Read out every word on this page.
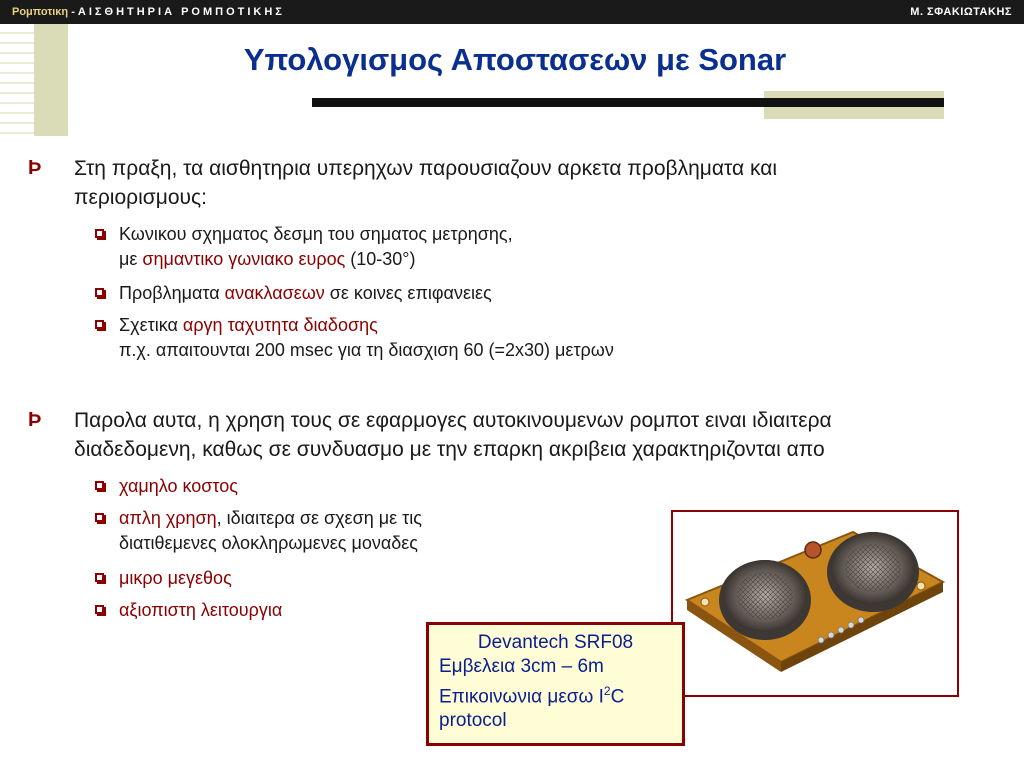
Ρομποτικη - ΑΙΣΘΗΤΗΡΙΑ ΡΟΜΠΟΤΙΚΗΣ	Μ. ΣΦΑΚΙΩΤΑΚΗΣ
Υπολογισμος Αποστασεων με Sonar
Þ Στη πραξη, τα αισθητηρια υπερηχων παρουσιαζουν αρκετα προβληματα και
περιορισμους:
Κωνικου σχηματος δεσμη του σηματος μετρησης,
με σημαντικο γωνιακο ευρος (10-30°)
Προβληματα ανακλασεων σε κοινες επιφανειες
Σχετικα αργη ταχυτητα διαδοσης
π.χ. απαιτουνται 200 msec για τη διασχιση 60 (=2x30) μετρων
Þ Παρολα αυτα, η χρηση τους σε εφαρμογες αυτοκινουμενων ρομποτ ειναι ιδιαιτερα
διαδεδομενη, καθως σε συνδυασμο με την επαρκη ακριβεια χαρακτηριζονται απο
χαμηλο κοστος
απλη χρηση, ιδιαιτερα σε σχεση με τις
διατιθεμενες ολοκληρωμενες μοναδες
μικρο μεγεθος
αξιοπιστη λειτουργια
Devantech SRF08
Εμβελεια 3cm – 6m
Επικοινωνια μεσω $I^2C$
protocol
